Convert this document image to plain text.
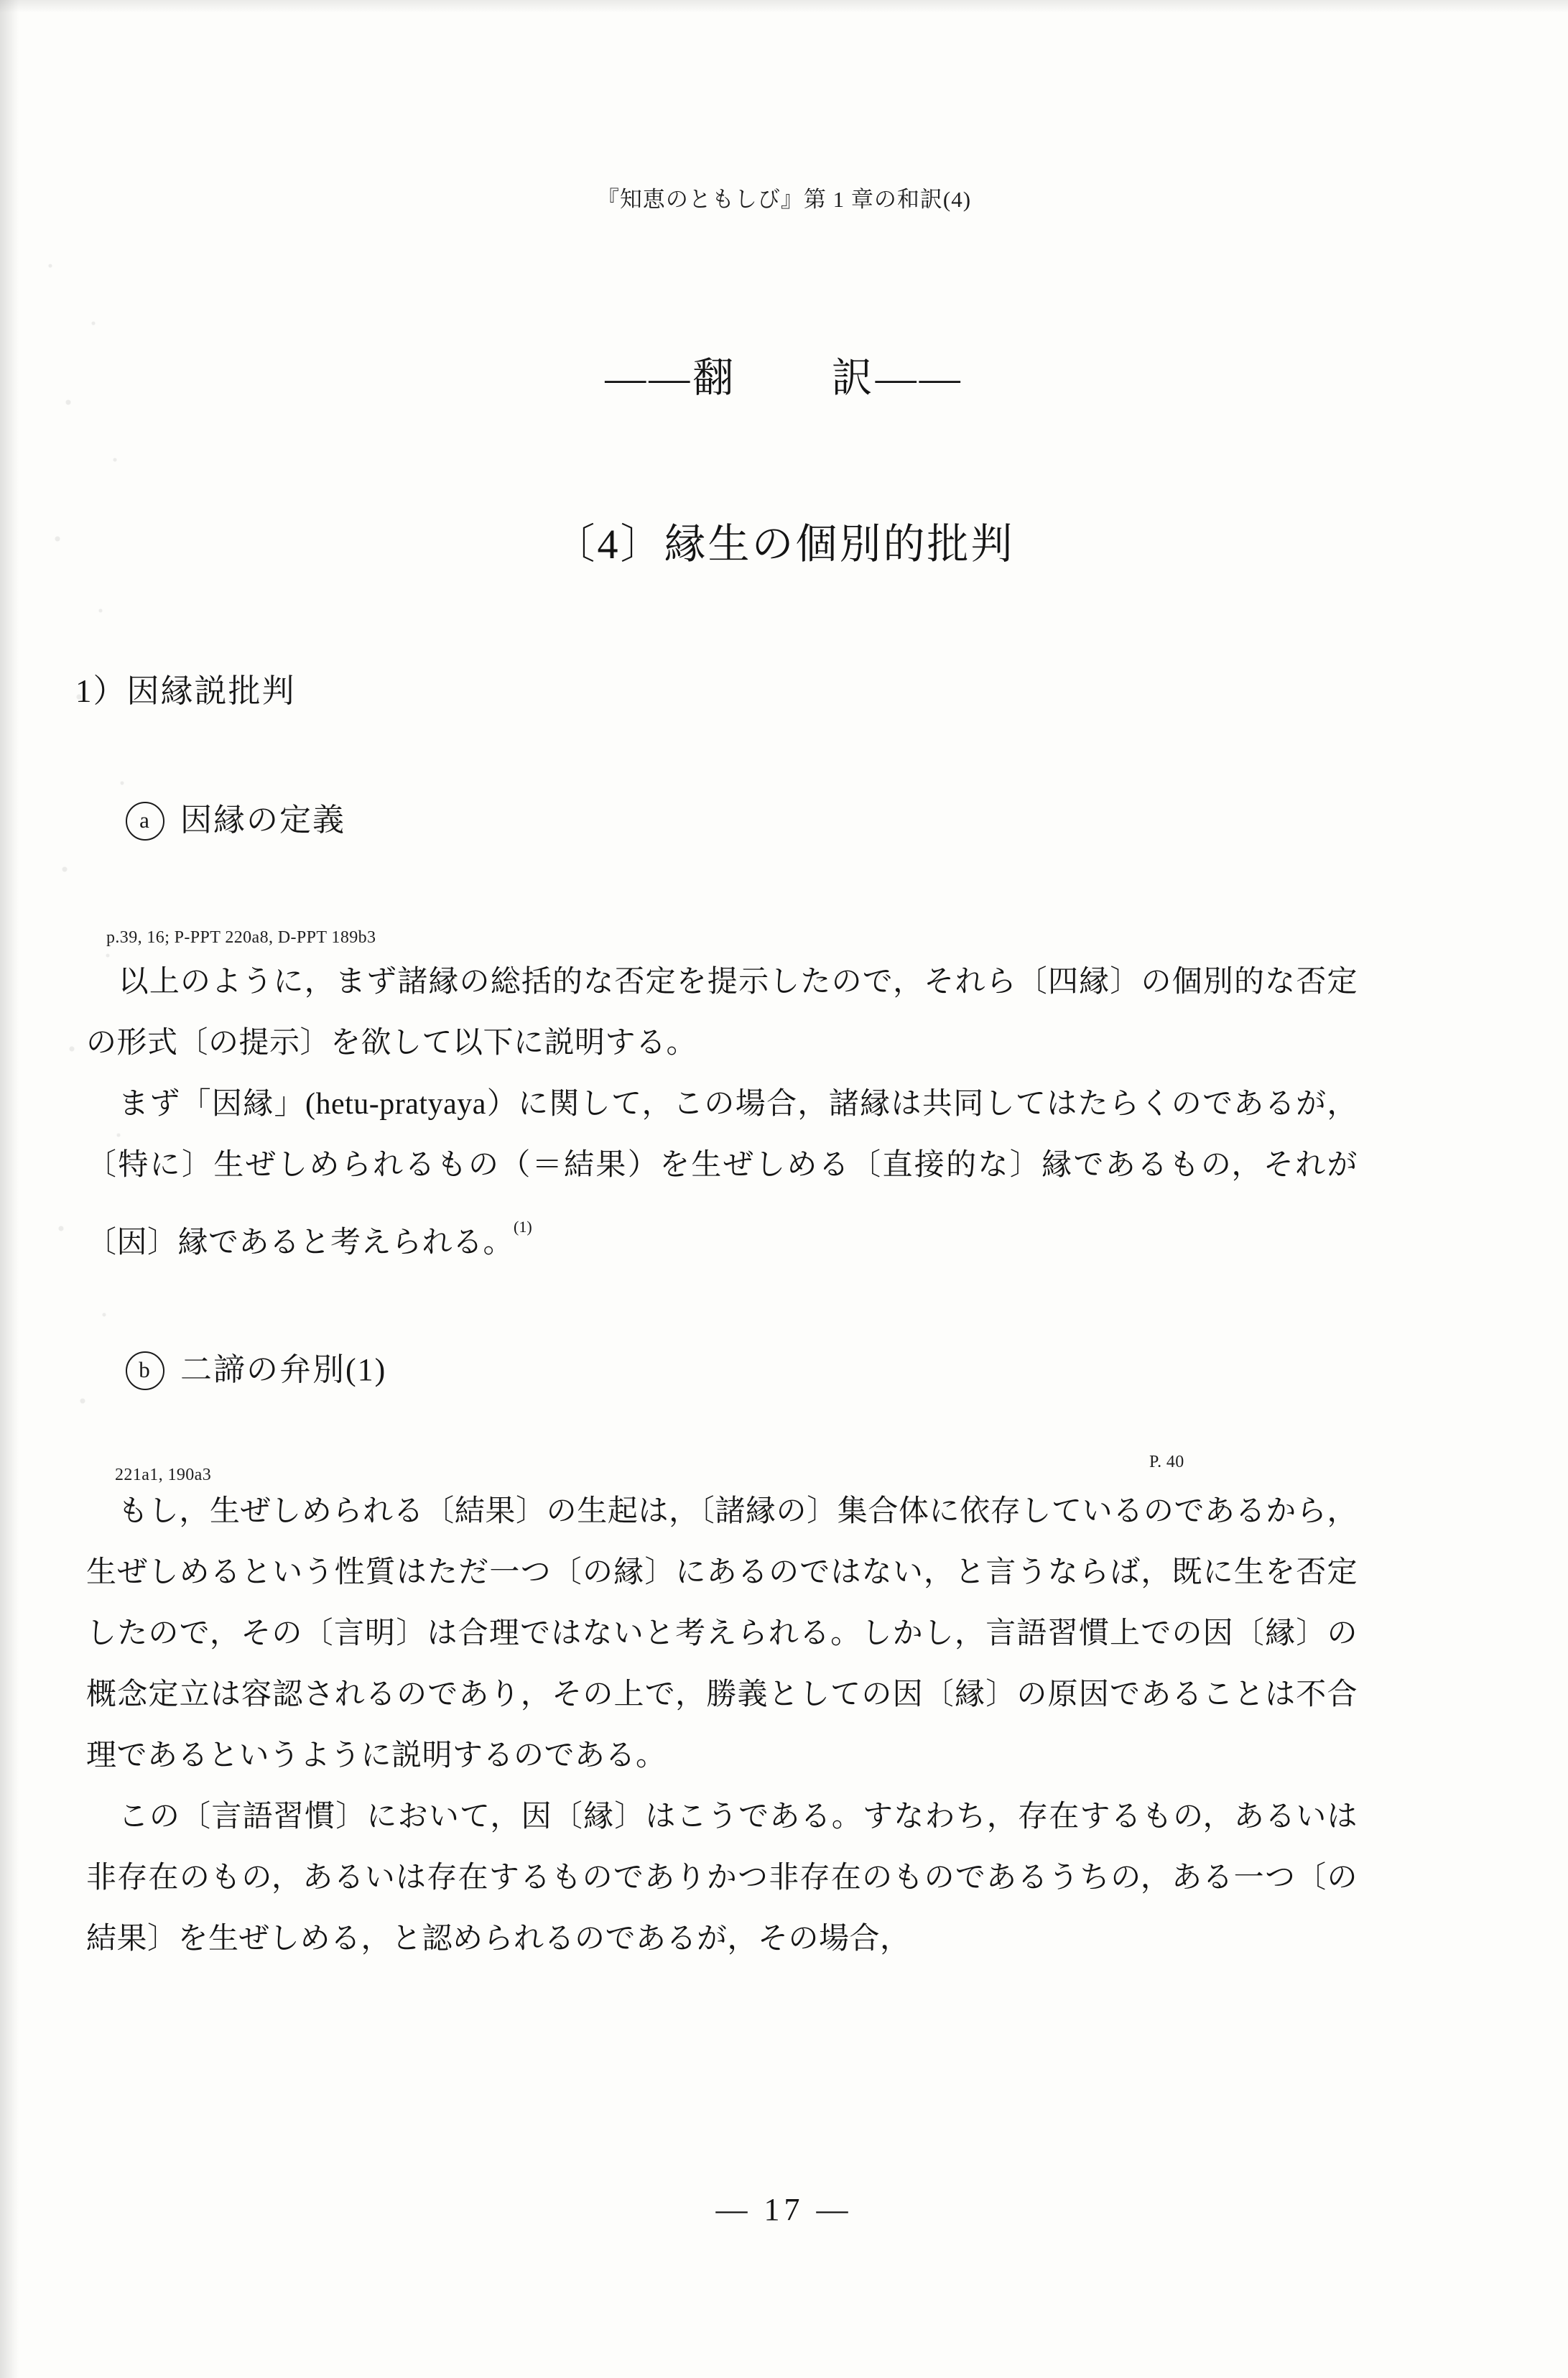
『知恵のともしび』第 1 章の和訳(4)
——翻 訳——
〔4〕縁生の個別的批判
1）因縁説批判
a 因縁の定義
p.39, 16; P-PPT 220a8, D-PPT 189b3
以上のように，まず諸縁の総括的な否定を提示したので，それら〔四縁〕の個別的な否定の形式〔の提示〕を欲して以下に説明する。
まず「因縁」(hetu-pratyaya）に関して，この場合，諸縁は共同してはたらくのであるが，〔特に〕生ぜしめられるもの（＝結果）を生ぜしめる〔直接的な〕縁であるもの，それが〔因〕縁であると考えられる。$^{(1)}$
b 二諦の弁別(1)
221a1, 190a3
P. 40
もし，生ぜしめられる〔結果〕の生起は，〔諸縁の〕集合体に依存しているのであるから，生ぜしめるという性質はただ一つ〔の縁〕にあるのではない，と言うならば，既に生を否定したので，その〔言明〕は合理ではないと考えられる。しかし，言語習慣上での因〔縁〕の概念定立は容認されるのであり，その上で，勝義としての因〔縁〕の原因であることは不合理であるというように説明するのである。
この〔言語習慣〕において，因〔縁〕はこうである。すなわち，存在するもの，あるいは非存在のもの，あるいは存在するものでありかつ非存在のものであるうちの，ある一つ〔の結果〕を生ぜしめる，と認められるのであるが，その場合，
— 17 —
